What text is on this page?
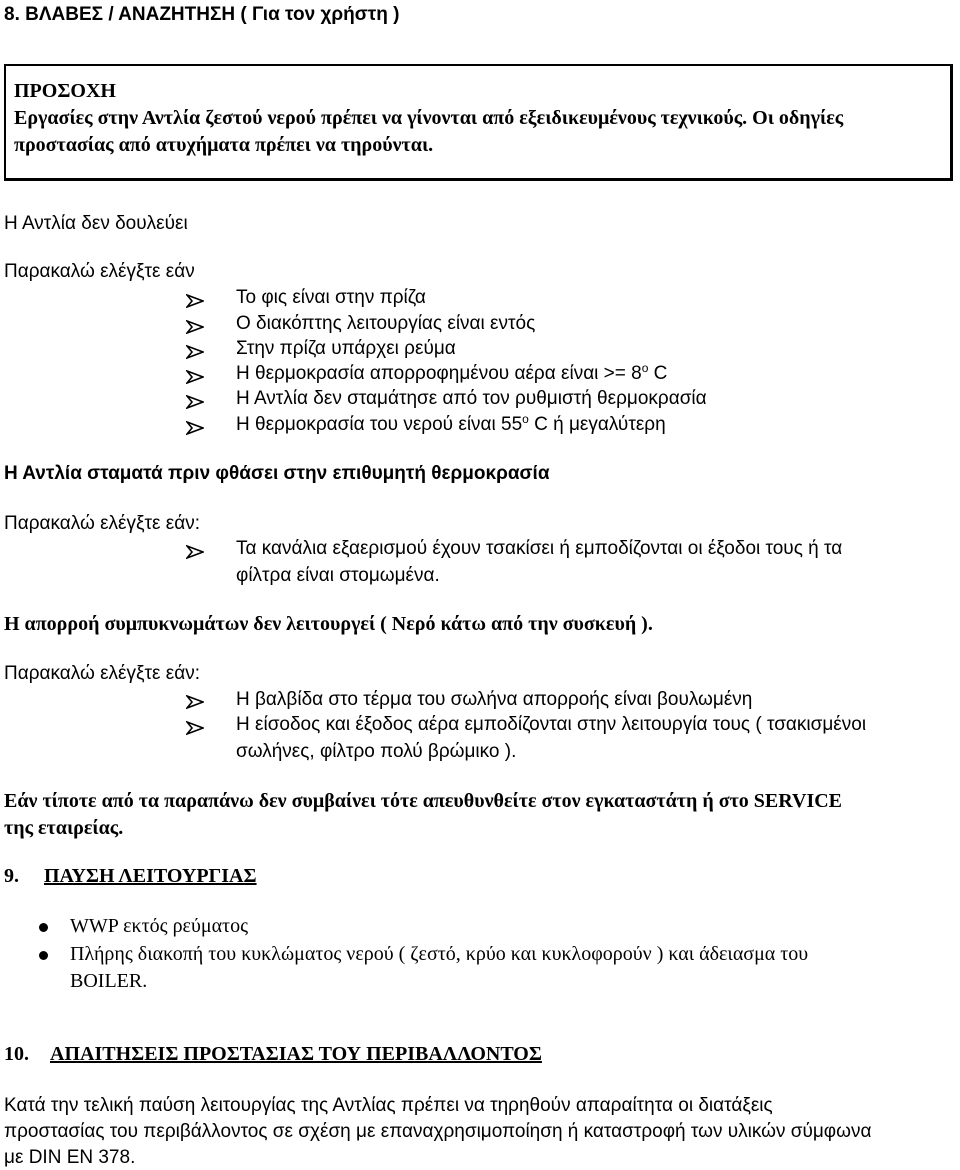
8. ΒΛΑΒΕΣ / ΑΝΑΖΗΤΗΣΗ ( Για τον χρήστη )
ΠΡΟΣΟΧΗ
Εργασίες στην Αντλία ζεστού νερού πρέπει να γίνονται από εξειδικευμένους τεχνικούς. Οι οδηγίες
προστασίας από ατυχήματα πρέπει να τηρούνται.
Η Αντλία δεν δουλεύει
Παρακαλώ ελέγξτε εάν
Το φις είναι στην πρίζα
Ο διακόπτης λειτουργίας είναι εντός
Στην πρίζα υπάρχει ρεύμα
Η θερμοκρασία απορροφημένου αέρα $\varepsilon ί\nu\alpha\iota >= 8^o$ C
Η Αντλία δεν σταμάτησε από τον ρυθμιστή θερμοκρασία
Η θερμοκρασία του νερού είναι $55^o$ C ή μεγαλύτερη
Η Αντλία σταματά πριν φθάσει στην επιθυμητή θερμοκρασία
Παρακαλώ ελέγξτε εάν:
Τα κανάλια εξαερισμού έχουν τσακίσει ή εμποδίζονται οι έξοδοι τους ή τα
φίλτρα είναι στομωμένα.
Η απορροή συμπυκνωμάτων δεν λειτουργεί ( Νερό κάτω από την συσκευή ).
Παρακαλώ ελέγξτε εάν:
Η βαλβίδα στο τέρμα του σωλήνα απορροής είναι βουλωμένη
Η είσοδος και έξοδος αέρα εμποδίζονται στην λειτουργία τους ( τσακισμένοι
σωλήνες, φίλτρο πολύ βρώμικο ).
Εάν τίποτε από τα παραπάνω δεν συμβαίνει τότε απευθυνθείτε στον εγκαταστάτη ή στο SERVICE
της εταιρείας.
9. ΠΑΥΣΗ ΛΕΙΤΟΥΡΓΙΑΣ
WWP εκτός ρεύματος
Πλήρης διακοπή του κυκλώματος νερού ( ζεστό, κρύο και κυκλοφορούν ) και άδειασμα του
BOILER.
10. ΑΠΑΙΤΗΣΕΙΣ ΠΡΟΣΤΑΣΙΑΣ ΤΟΥ ΠΕΡΙΒΑΛΛΟΝΤΟΣ
Κατά την τελική παύση λειτουργίας της Αντλίας πρέπει να τηρηθούν απαραίτητα οι διατάξεις
προστασίας του περιβάλλοντος σε σχέση με επαναχρησιμοποίηση ή καταστροφή των υλικών σύμφωνα
με DIN EN 378.
